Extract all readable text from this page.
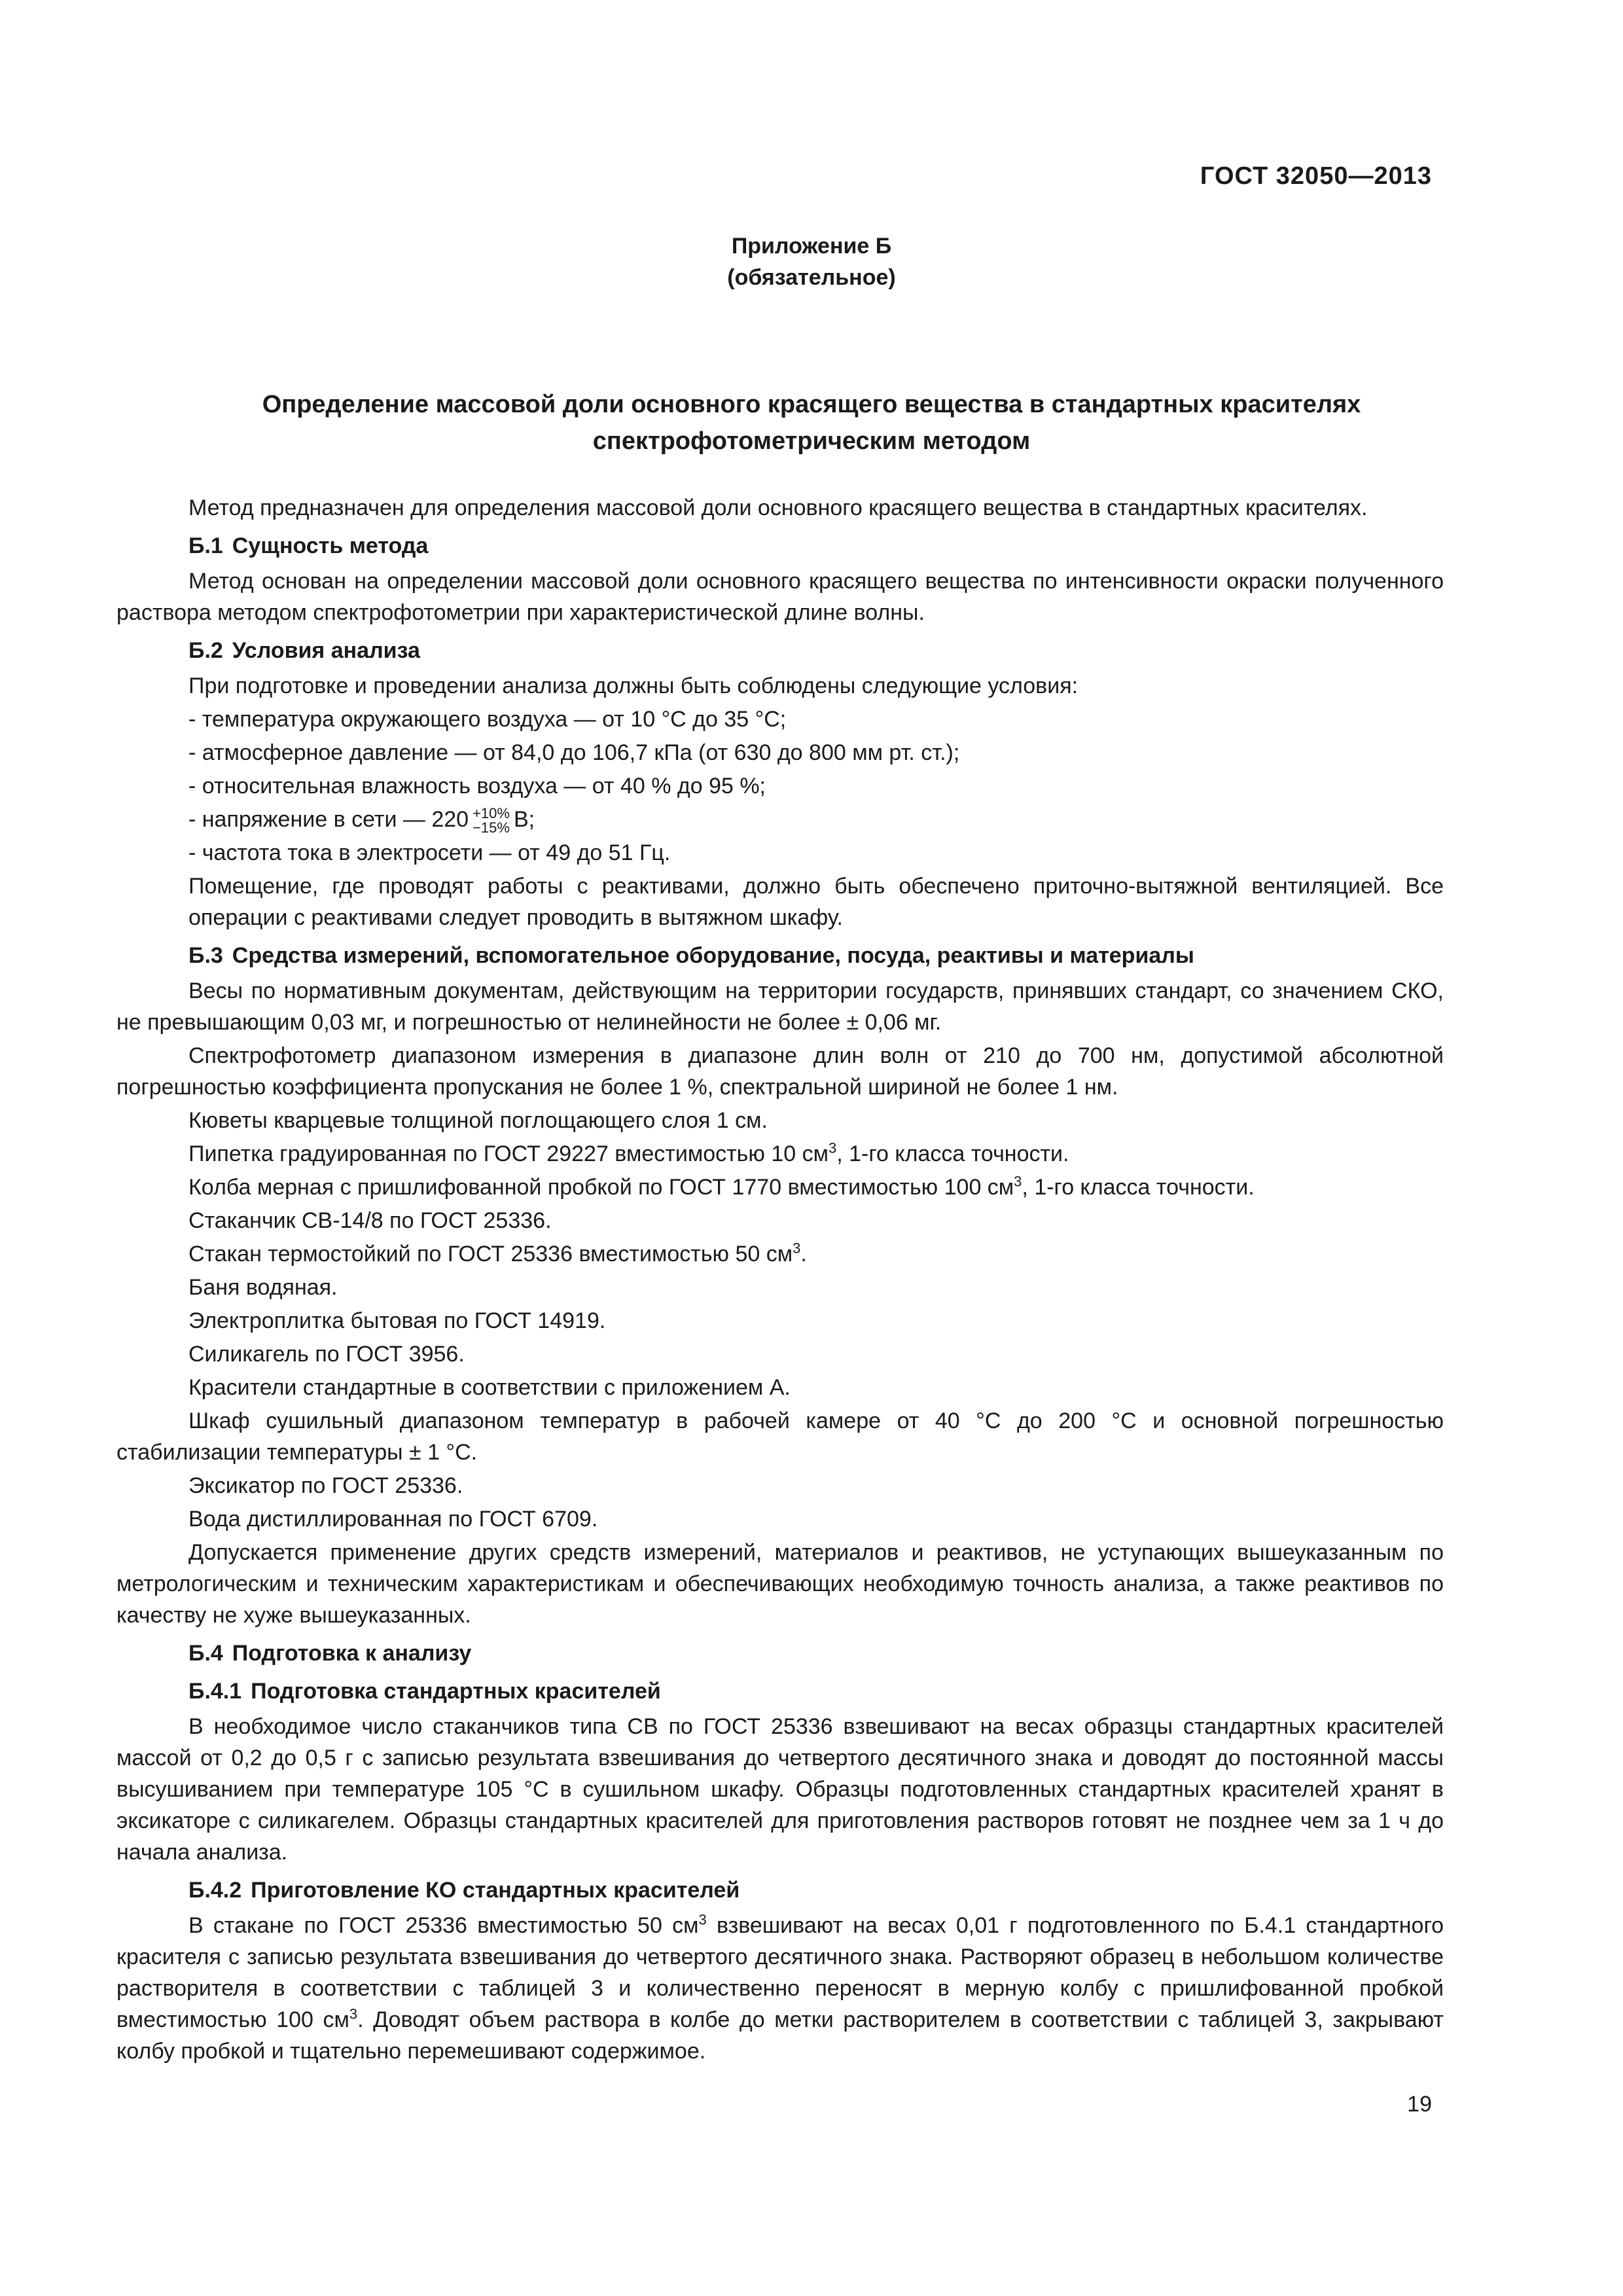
ГОСТ 32050—2013
Приложение Б
(обязательное)
Определение массовой доли основного красящего вещества в стандартных красителях
спектрофотометрическим методом

Метод предназначен для определения массовой доли основного красящего вещества в стандартных красителях.

Б.1 Сущность метода

Метод основан на определении массовой доли основного красящего вещества по интенсивности окраски полученного раствора методом спектрофотометрии при характеристической длине волны.

Б.2 Условия анализа

При подготовке и проведении анализа должны быть соблюдены следующие условия:

- температура окружающего воздуха — от 10 °С до 35 °С;

- атмосферное давление — от 84,0 до 106,7 кПа (от 630 до 800 мм рт. ст.);

- относительная влажность воздуха — от 40 % до 95 %;

- напряжение в сети — 220 +10%
−15% В;

- частота тока в электросети — от 49 до 51 Гц.

Помещение, где проводят работы с реактивами, должно быть обеспечено приточно-вытяжной вентиляцией. Все операции с реактивами следует проводить в вытяжном шкафу.

Б.3 Средства измерений, вспомогательное оборудование, посуда, реактивы и материалы

Весы по нормативным документам, действующим на территории государств, принявших стандарт, со значением СКО, не превышающим 0,03 мг, и погрешностью от нелинейности не более ± 0,06 мг.

Спектрофотометр диапазоном измерения в диапазоне длин волн от 210 до 700 нм, допустимой абсолютной погрешностью коэффициента пропускания не более 1 %, спектральной шириной не более 1 нм.

Кюветы кварцевые толщиной поглощающего слоя 1 см.

Пипетка градуированная по ГОСТ 29227 вместимостью 10 $см^3$, 1-го класса точности.

Колба мерная с пришлифованной пробкой по ГОСТ 1770 вместимостью 100 $см^3$, 1-го класса точности.

Стаканчик СВ-14/8 по ГОСТ 25336.

Стакан термостойкий по ГОСТ 25336 вместимостью 50 $см^3$.

Баня водяная.

Электроплитка бытовая по ГОСТ 14919.

Силикагель по ГОСТ 3956.

Красители стандартные в соответствии с приложением А.

Шкаф сушильный диапазоном температур в рабочей камере от 40 °С до 200 °С и основной погрешностью стабилизации температуры ± 1 °С.

Эксикатор по ГОСТ 25336.

Вода дистиллированная по ГОСТ 6709.

Допускается применение других средств измерений, материалов и реактивов, не уступающих вышеуказанным по метрологическим и техническим характеристикам и обеспечивающих необходимую точность анализа, а также реактивов по качеству не хуже вышеуказанных.

Б.4 Подготовка к анализу
Б.4.1 Подготовка стандартных красителей

В необходимое число стаканчиков типа СВ по ГОСТ 25336 взвешивают на весах образцы стандартных красителей массой от 0,2 до 0,5 г с записью результата взвешивания до четвертого десятичного знака и доводят до постоянной массы высушиванием при температуре 105 °С в сушильном шкафу. Образцы подготовленных стандартных красителей хранят в эксикаторе с силикагелем. Образцы стандартных красителей для приготовления растворов готовят не позднее чем за 1 ч до начала анализа.

Б.4.2 Приготовление КО стандартных красителей

В стакане по ГОСТ 25336 вместимостью 50 $см^3$ взвешивают на весах 0,01 г подготовленного по Б.4.1 стандартного красителя с записью результата взвешивания до четвертого десятичного знака. Растворяют образец в небольшом количестве растворителя в соответствии с таблицей 3 и количественно переносят в мерную колбу с пришлифованной пробкой вместимостью 100 $см^3$. Доводят объем раствора в колбе до метки растворителем в соответствии с таблицей 3, закрывают колбу пробкой и тщательно перемешивают содержимое.

19
